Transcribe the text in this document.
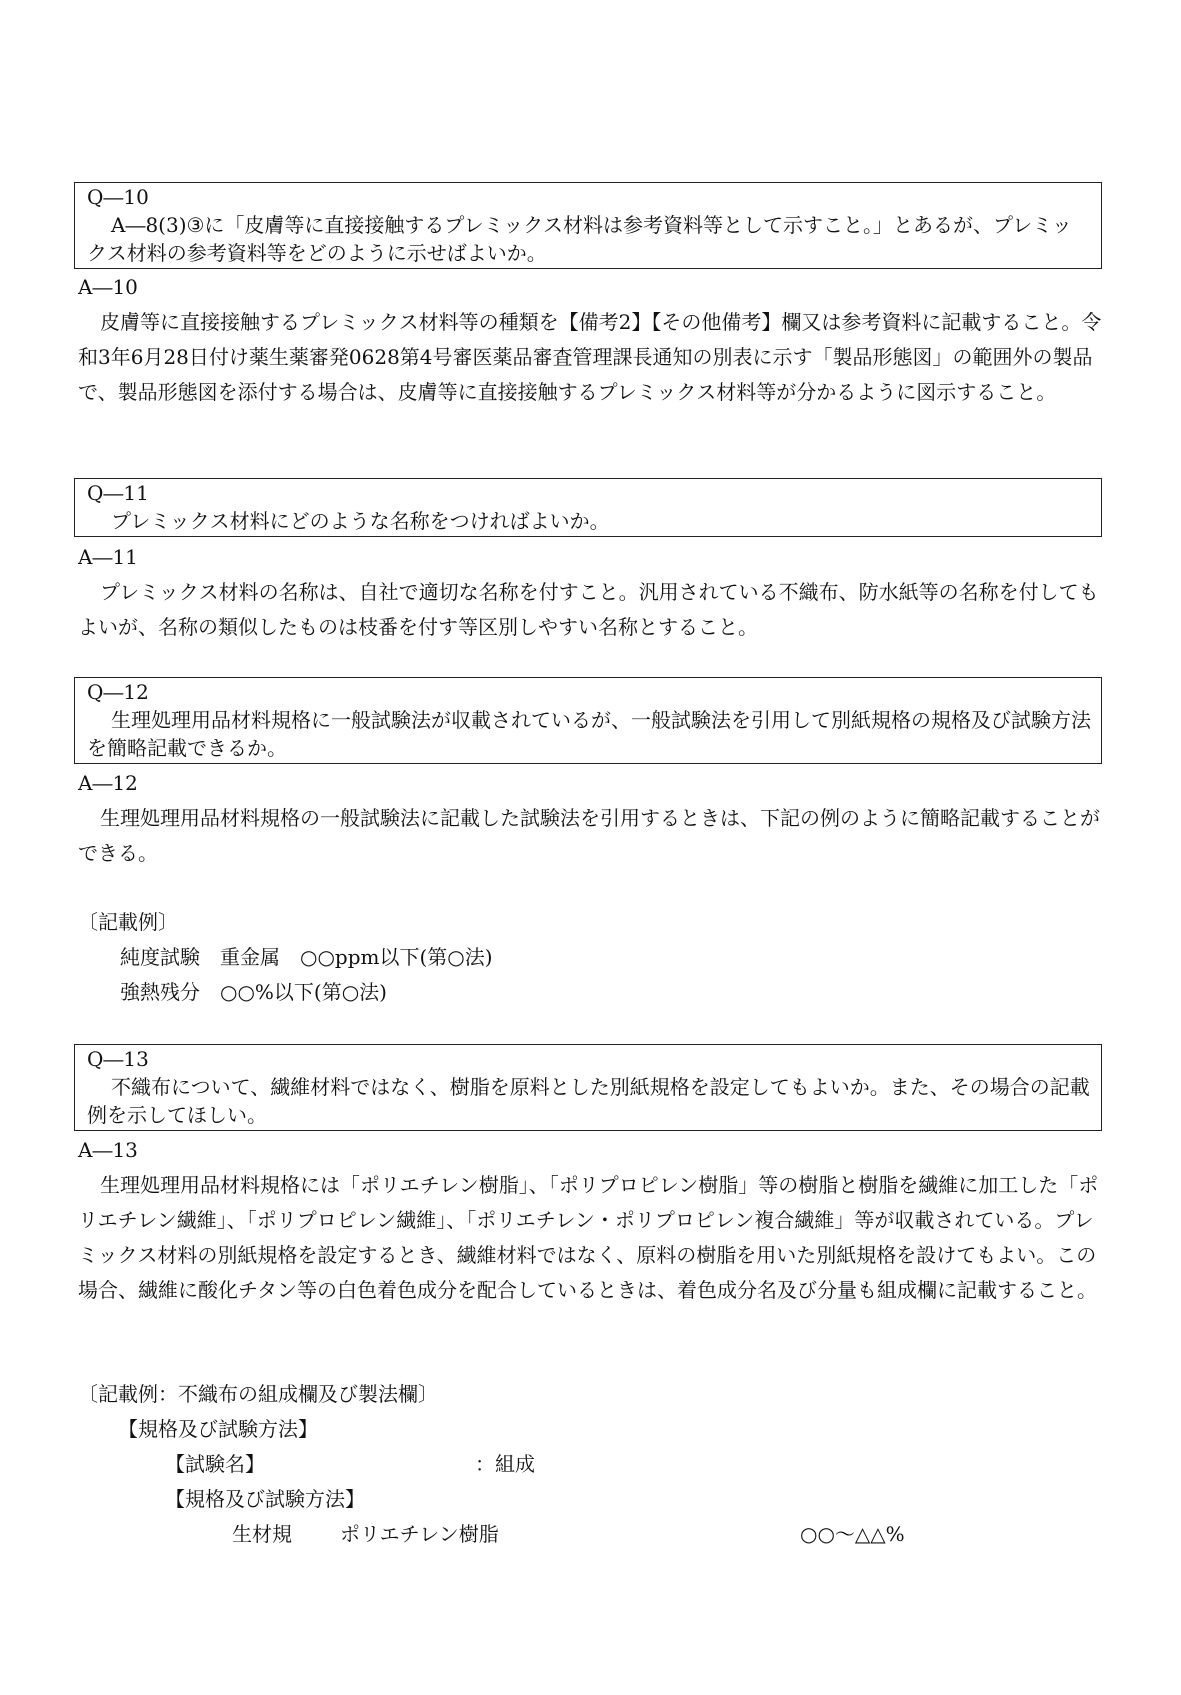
Q―10
A―8(3)③に「皮膚等に直接接触するプレミックス材料は参考資料等として示すこと。」とあるが、プレミックス材料の参考資料等をどのように示せばよいか。
A―10
皮膚等に直接接触するプレミックス材料等の種類を【備考2】【その他備考】欄又は参考資料に記載すること。令和3年6月28日付け薬生薬審発0628第4号審医薬品審査管理課長通知の別表に示す「製品形態図」の範囲外の製品で、製品形態図を添付する場合は、皮膚等に直接接触するプレミックス材料等が分かるように図示すること。
Q―11
プレミックス材料にどのような名称をつければよいか。
A―11
プレミックス材料の名称は、自社で適切な名称を付すこと。汎用されている不織布、防水紙等の名称を付してもよいが、名称の類似したものは枝番を付す等区別しやすい名称とすること。
Q―12
生理処理用品材料規格に一般試験法が収載されているが、一般試験法を引用して別紙規格の規格及び試験方法を簡略記載できるか。
A―12
生理処理用品材料規格の一般試験法に記載した試験法を引用するときは、下記の例のように簡略記載することができる。
〔記載例〕
純度試験　重金属　○○ppm以下(第○法)
強熱残分　○○%以下(第○法)
Q―13
不織布について、繊維材料ではなく、樹脂を原料とした別紙規格を設定してもよいか。また、その場合の記載例を示してほしい。
A―13
生理処理用品材料規格には「ポリエチレン樹脂」、「ポリプロピレン樹脂」等の樹脂と樹脂を繊維に加工した「ポリエチレン繊維」、「ポリプロピレン繊維」、「ポリエチレン・ポリプロピレン複合繊維」等が収載されている。プレミックス材料の別紙規格を設定するとき、繊維材料ではなく、原料の樹脂を用いた別紙規格を設けてもよい。この場合、繊維に酸化チタン等の白色着色成分を配合しているときは、着色成分名及び分量も組成欄に記載すること。
〔記載例：不織布の組成欄及び製法欄〕
【規格及び試験方法】
【試験名】	：組成
【規格及び試験方法】
生材規 ポリエチレン樹脂	○○～△△%
